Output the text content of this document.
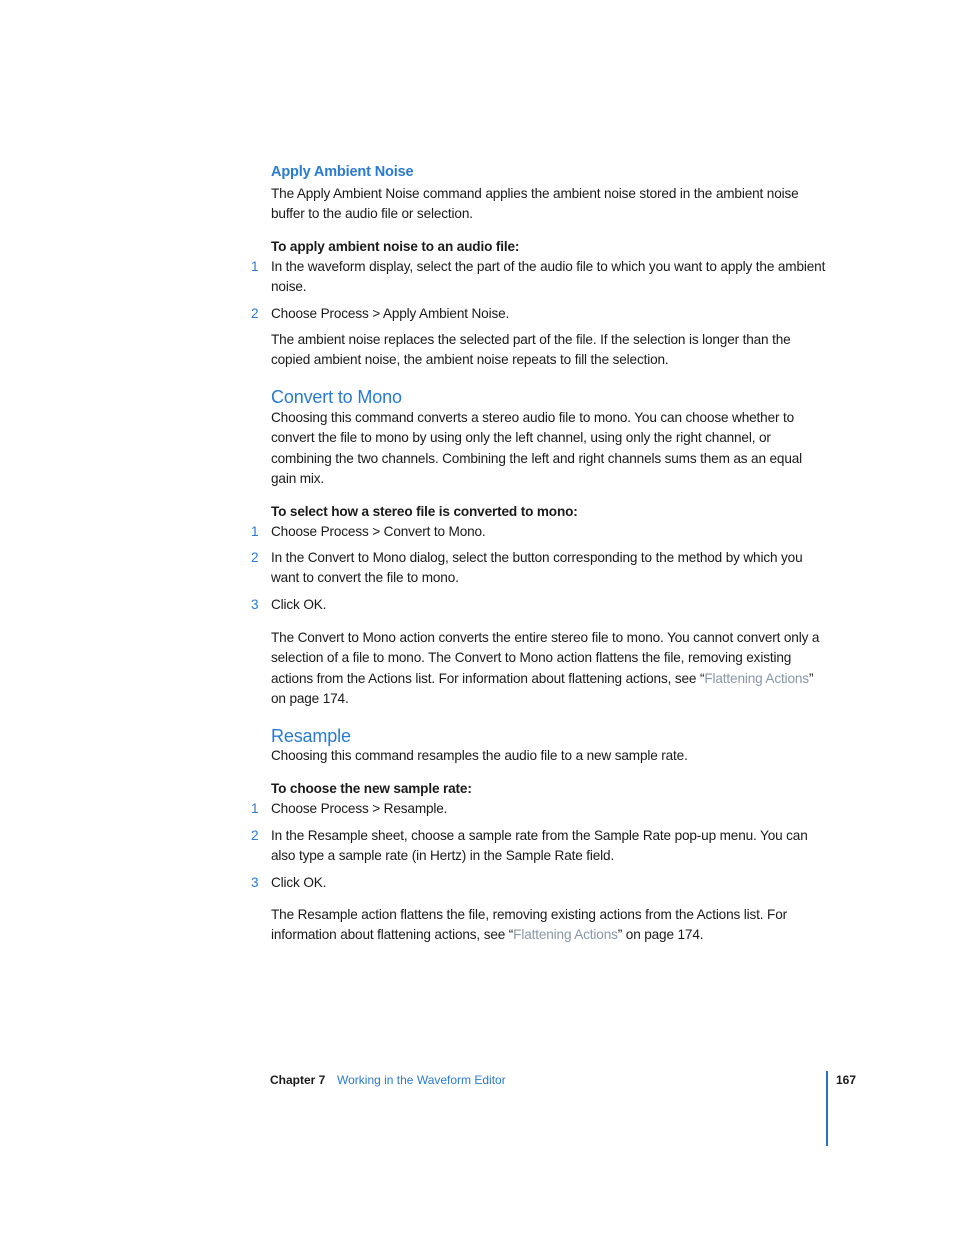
Apply Ambient Noise
The Apply Ambient Noise command applies the ambient noise stored in the ambient noise buffer to the audio file or selection.
To apply ambient noise to an audio file:
1 In the waveform display, select the part of the audio file to which you want to apply the ambient noise.
2 Choose Process > Apply Ambient Noise.
The ambient noise replaces the selected part of the file. If the selection is longer than the copied ambient noise, the ambient noise repeats to fill the selection.
Convert to Mono
Choosing this command converts a stereo audio file to mono. You can choose whether to convert the file to mono by using only the left channel, using only the right channel, or combining the two channels. Combining the left and right channels sums them as an equal gain mix.
To select how a stereo file is converted to mono:
1 Choose Process > Convert to Mono.
2 In the Convert to Mono dialog, select the button corresponding to the method by which you want to convert the file to mono.
3 Click OK.
The Convert to Mono action converts the entire stereo file to mono. You cannot convert only a selection of a file to mono. The Convert to Mono action flattens the file, removing existing actions from the Actions list. For information about flattening actions, see “Flattening Actions” on page 174.
Resample
Choosing this command resamples the audio file to a new sample rate.
To choose the new sample rate:
1 Choose Process > Resample.
2 In the Resample sheet, choose a sample rate from the Sample Rate pop-up menu. You can also type a sample rate (in Hertz) in the Sample Rate field.
3 Click OK.
The Resample action flattens the file, removing existing actions from the Actions list. For information about flattening actions, see “Flattening Actions” on page 174.
Chapter 7 Working in the Waveform Editor	167
